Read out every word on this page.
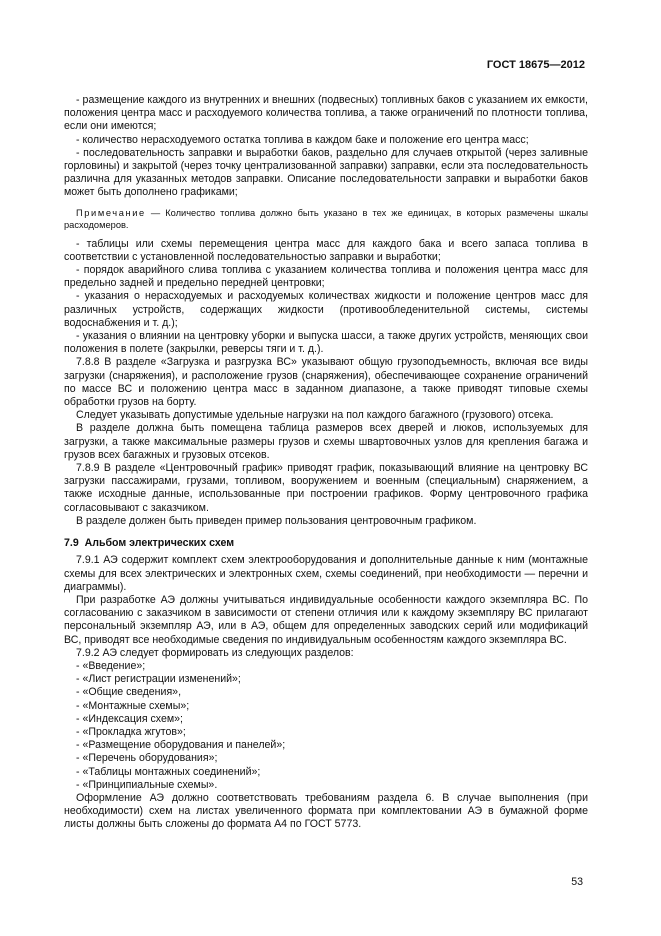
ГОСТ 18675—2012

- размещение каждого из внутренних и внешних (подвесных) топливных баков с указанием их емкости, положения центра масс и расходуемого количества топлива, а также ограничений по плотности топлива, если они имеются;

- количество нерасходуемого остатка топлива в каждом баке и положение его центра масс;

- последовательность заправки и выработки баков, раздельно для случаев открытой (через заливные горловины) и закрытой (через точку централизованной заправки) заправки, если эта последовательность различна для указанных методов заправки. Описание последовательности заправки и выработки баков может быть дополнено графиками;

Примечание — Количество топлива должно быть указано в тех же единицах, в которых размечены шкалы расходомеров.

- таблицы или схемы перемещения центра масс для каждого бака и всего запаса топлива в соответствии с установленной последовательностью заправки и выработки;

- порядок аварийного слива топлива с указанием количества топлива и положения центра масс для предельно задней и предельно передней центровки;

- указания о нерасходуемых и расходуемых количествах жидкости и положение центров масс для различных устройств, содержащих жидкости (противообледенительной системы, системы водоснабжения и т. д.);

- указания о влиянии на центровку уборки и выпуска шасси, а также других устройств, меняющих свои положения в полете (закрылки, реверсы тяги и т. д.).

7.8.8 В разделе «Загрузка и разгрузка ВС» указывают общую грузоподъемность, включая все виды загрузки (снаряжения), и расположение грузов (снаряжения), обеспечивающее сохранение ограничений по массе ВС и положению центра масс в заданном диапазоне, а также приводят типовые схемы обработки грузов на борту.

Следует указывать допустимые удельные нагрузки на пол каждого багажного (грузового) отсека.

В разделе должна быть помещена таблица размеров всех дверей и люков, используемых для загрузки, а также максимальные размеры грузов и схемы швартовочных узлов для крепления багажа и грузов всех багажных и грузовых отсеков.

7.8.9 В разделе «Центровочный график» приводят график, показывающий влияние на центровку ВС загрузки пассажирами, грузами, топливом, вооружением и военным (специальным) снаряжением, а также исходные данные, использованные при построении графиков. Форму центровочного графика согласовывают с заказчиком.

В разделе должен быть приведен пример пользования центровочным графиком.

7.9 Альбом электрических схем

7.9.1 АЭ содержит комплект схем электрооборудования и дополнительные данные к ним (монтажные схемы для всех электрических и электронных схем, схемы соединений, при необходимости — перечни и диаграммы).

При разработке АЭ должны учитываться индивидуальные особенности каждого экземпляра ВС. По согласованию с заказчиком в зависимости от степени отличия или к каждому экземпляру ВС прилагают персональный экземпляр АЭ, или в АЭ, общем для определенных заводских серий или модификаций ВС, приводят все необходимые сведения по индивидуальным особенностям каждого экземпляра ВС.

7.9.2 АЭ следует формировать из следующих разделов:

- «Введение»;

- «Лист регистрации изменений»;

- «Общие сведения»,

- «Монтажные схемы»;

- «Индексация схем»;

- «Прокладка жгутов»;

- «Размещение оборудования и панелей»;

- «Перечень оборудования»;

- «Таблицы монтажных соединений»;

- «Принципиальные схемы».

Оформление АЭ должно соответствовать требованиям раздела 6. В случае выполнения (при необходимости) схем на листах увеличенного формата при комплектовании АЭ в бумажной форме листы должны быть сложены до формата А4 по ГОСТ 5773.

53
